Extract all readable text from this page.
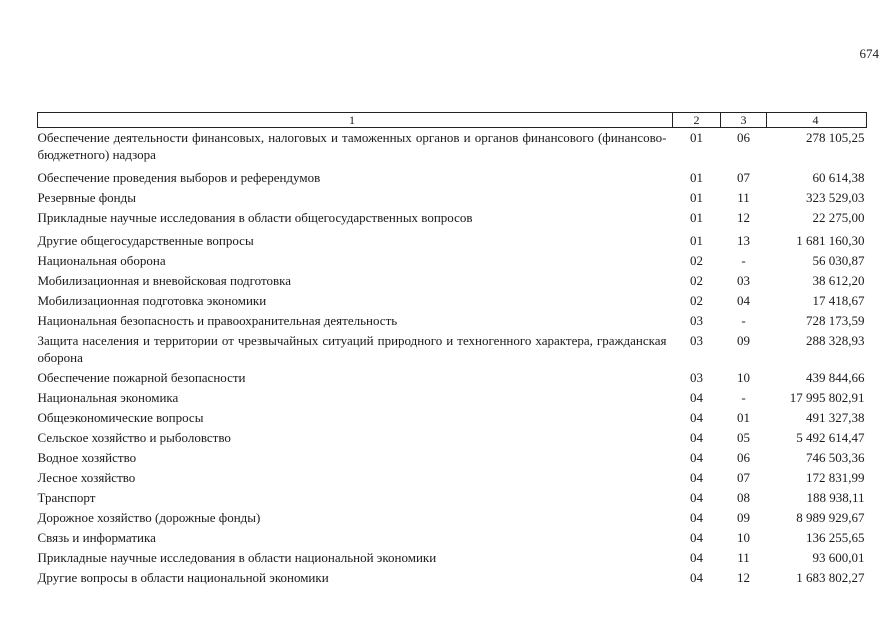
674
1	2	3	4
Обеспечение деятельности финансовых, налоговых и таможенных органов и органов финансового (финансово-бюджетного) надзора	01	06	278 105,25
Обеспечение проведения выборов и референдумов	01	07	60 614,38
Резервные фонды	01	11	323 529,03
Прикладные научные исследования в области общегосударственных вопросов	01	12	22 275,00
Другие общегосударственные вопросы	01	13	1 681 160,30
Национальная оборона	02	-	56 030,87
Мобилизационная и вневойсковая подготовка	02	03	38 612,20
Мобилизационная подготовка экономики	02	04	17 418,67
Национальная безопасность и правоохранительная деятельность	03	-	728 173,59
Защита населения и территории от чрезвычайных ситуаций природного и техногенного характера, гражданская оборона	03	09	288 328,93
Обеспечение пожарной безопасности	03	10	439 844,66
Национальная экономика	04	-	17 995 802,91
Общеэкономические вопросы	04	01	491 327,38
Сельское хозяйство и рыболовство	04	05	5 492 614,47
Водное хозяйство	04	06	746 503,36
Лесное хозяйство	04	07	172 831,99
Транспорт	04	08	188 938,11
Дорожное хозяйство (дорожные фонды)	04	09	8 989 929,67
Связь и информатика	04	10	136 255,65
Прикладные научные исследования в области национальной экономики	04	11	93 600,01
Другие вопросы в области национальной экономики	04	12	1 683 802,27
